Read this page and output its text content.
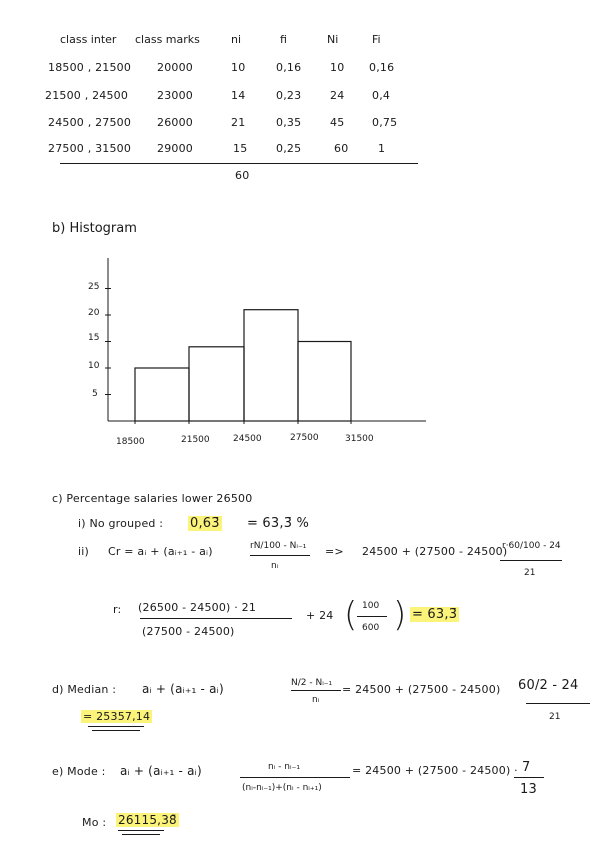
class inter class marks	ni	fi	Ni	Fi
18500 , 21500 20000	10	0,16	10 0,16
21500 , 24500	23000	14	0,23	24	0,4
24500 , 27500 26000	21	0,35	45	0,75
27500 , 31500 29000	15	0,25	60	1
60
b) Histogram
25
20
15
10
5
18500	21500	24500	27500	31500
c) Percentage salaries lower 26500
i) No grouped : 0,63̄ = 63,3̄ %
ii) Cr = aᵢ + (aᵢ₊₁ - aᵢ)	rN/100 - Nᵢ₋₁
nᵢ
=> 24500 + (27500 - 24500)
r·60/100 - 24
21
r: (26500 - 24500) · 21
(27500 - 24500)
+ 24 ( 100
600 ) = 63,3̄
d) Median : aᵢ + (aᵢ₊₁ - aᵢ)	N/2 - Nᵢ₋₁
nᵢ
= 24500 + (27500 - 24500) 60/2 - 24
21
= 25357,14
e) Mode : aᵢ + (aᵢ₊₁ - aᵢ)	nᵢ - nᵢ₋₁
(nᵢ-nᵢ₋₁)+(nᵢ - nᵢ₊₁)
= 24500 + (27500 - 24500) · 7
13
Mo : 26115,38̄
